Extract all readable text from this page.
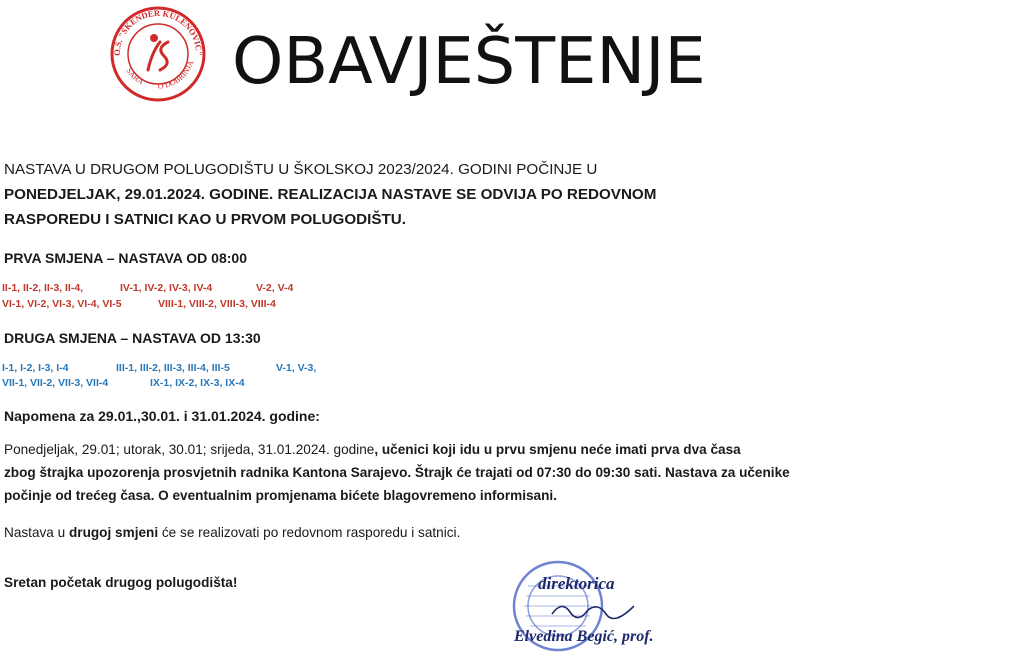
O.Š. "SKENDER KULENOVIĆ"
SARA O DOBRINJA OBAVJEŠTENJE
NASTAVA U DRUGOM POLUGODIŠTU U ŠKOLSKOJ 2023/2024. GODINI POČINJE U
PONEDJELJAK, 29.01.2024. GODINE. REALIZACIJA NASTAVE SE ODVIJA PO REDOVNOM
RASPOREDU I SATNICI KAO U PRVOM POLUGODIŠTU.
PRVA SMJENA – NASTAVA OD 08:00
II-1, II-2, II-3, II-4,	IV-1, IV-2, IV-3, IV-4	V-2, V-4
VI-1, VI-2, VI-3, VI-4, VI-5	VIII-1, VIII-2, VIII-3, VIII-4
DRUGA SMJENA – NASTAVA OD 13:30
I-1, I-2, I-3, I-4	III-1, III-2, III-3, III-4, III-5	V-1, V-3,
VII-1, VII-2, VII-3, VII-4	IX-1, IX-2, IX-3, IX-4
Napomena za 29.01.,30.01. i 31.01.2024. godine:
Ponedjeljak, 29.01; utorak, 30.01; srijeda, 31.01.2024. godine, učenici koji idu u prvu smjenu neće imati prva dva časa
zbog štrajka upozorenja prosvjetnih radnika Kantona Sarajevo. Štrajk će trajati od 07:30 do 09:30 sati. Nastava za učenike
počinje od trećeg časa. O eventualnim promjenama bićete blagovremeno informisani.
Nastava u drugoj smjeni će se realizovati po redovnom rasporedu i satnici.
Sretan početak drugog polugodišta!	direktorica
Elvedina Begić, prof.
